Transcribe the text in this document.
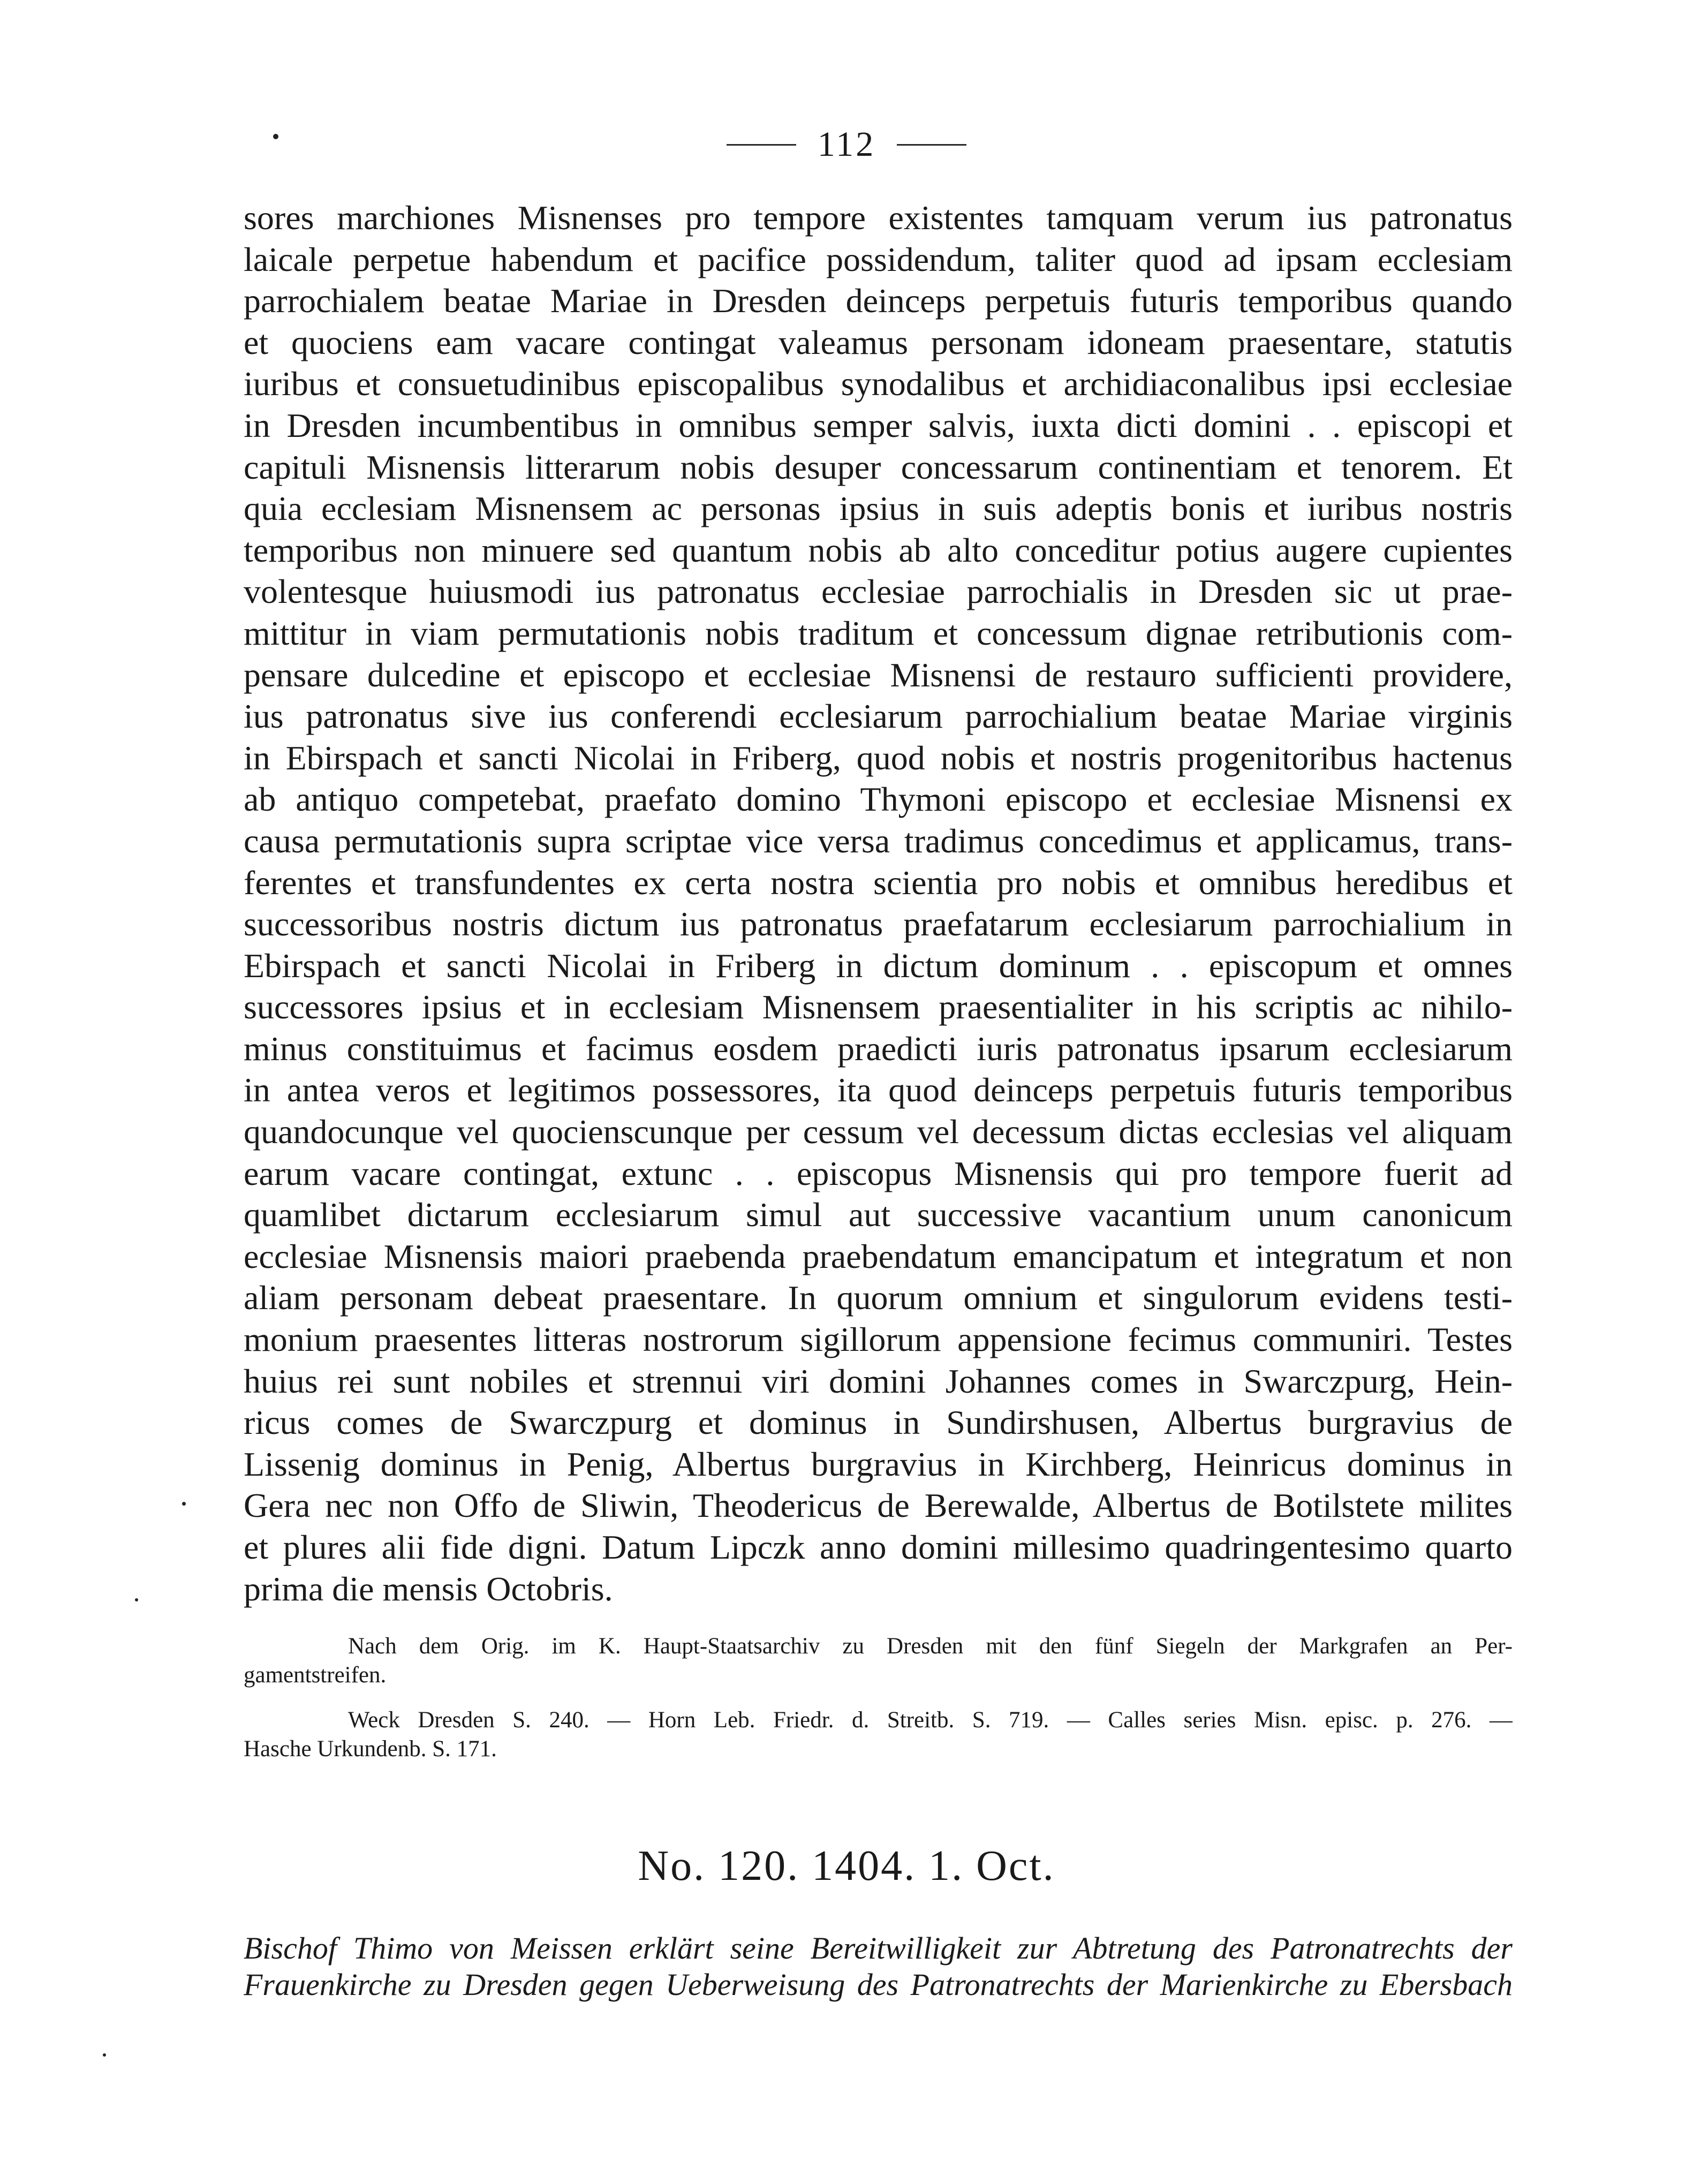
112
sores marchiones Misnenses pro tempore existentes tamquam verum ius patronatus
laicale perpetue habendum et pacifice possidendum, taliter quod ad ipsam ecclesiam
parrochialem beatae Mariae in Dresden deinceps perpetuis futuris temporibus quando
et quociens eam vacare contingat valeamus personam idoneam praesentare, statutis
iuribus et consuetudinibus episcopalibus synodalibus et archidiaconalibus ipsi ecclesiae
in Dresden incumbentibus in omnibus semper salvis, iuxta dicti domini . . episcopi et
capituli Misnensis litterarum nobis desuper concessarum continentiam et tenorem. Et
quia ecclesiam Misnensem ac personas ipsius in suis adeptis bonis et iuribus nostris
temporibus non minuere sed quantum nobis ab alto conceditur potius augere cupientes
volentesque huiusmodi ius patronatus ecclesiae parrochialis in Dresden sic ut prae-
mittitur in viam permutationis nobis traditum et concessum dignae retributionis com-
pensare dulcedine et episcopo et ecclesiae Misnensi de restauro sufficienti providere,
ius patronatus sive ius conferendi ecclesiarum parrochialium beatae Mariae virginis
in Ebirspach et sancti Nicolai in Friberg, quod nobis et nostris progenitoribus hactenus
ab antiquo competebat, praefato domino Thymoni episcopo et ecclesiae Misnensi ex
causa permutationis supra scriptae vice versa tradimus concedimus et applicamus, trans-
ferentes et transfundentes ex certa nostra scientia pro nobis et omnibus heredibus et
successoribus nostris dictum ius patronatus praefatarum ecclesiarum parrochialium in
Ebirspach et sancti Nicolai in Friberg in dictum dominum . . episcopum et omnes
successores ipsius et in ecclesiam Misnensem praesentialiter in his scriptis ac nihilo-
minus constituimus et facimus eosdem praedicti iuris patronatus ipsarum ecclesiarum
in antea veros et legitimos possessores, ita quod deinceps perpetuis futuris temporibus
quandocunque vel quocienscunque per cessum vel decessum dictas ecclesias vel aliquam
earum vacare contingat, extunc . . episcopus Misnensis qui pro tempore fuerit ad
quamlibet dictarum ecclesiarum simul aut successive vacantium unum canonicum
ecclesiae Misnensis maiori praebenda praebendatum emancipatum et integratum et non
aliam personam debeat praesentare. In quorum omnium et singulorum evidens testi-
monium praesentes litteras nostrorum sigillorum appensione fecimus communiri. Testes
huius rei sunt nobiles et strennui viri domini Johannes comes in Swarczpurg, Hein-
ricus comes de Swarczpurg et dominus in Sundirshusen, Albertus burgravius de
Lissenig dominus in Penig, Albertus burgravius in Kirchberg, Heinricus dominus in
Gera nec non Offo de Sliwin, Theodericus de Berewalde, Albertus de Botilstete milites
et plures alii fide digni. Datum Lipczk anno domini millesimo quadringentesimo quarto
prima die mensis Octobris.
Nach dem Orig. im K. Haupt-Staatsarchiv zu Dresden mit den fünf Siegeln der Markgrafen an Per-
gamentstreifen.
Weck Dresden S. 240. — Horn Leb. Friedr. d. Streitb. S. 719. — Calles series Misn. episc. p. 276. —
Hasche Urkundenb. S. 171.
No. 120. 1404. 1. Oct.
Bischof Thimo von Meissen erklärt seine Bereitwilligkeit zur Abtretung des Patronatrechts der
Frauenkirche zu Dresden gegen Ueberweisung des Patronatrechts der Marienkirche zu Ebersbach
